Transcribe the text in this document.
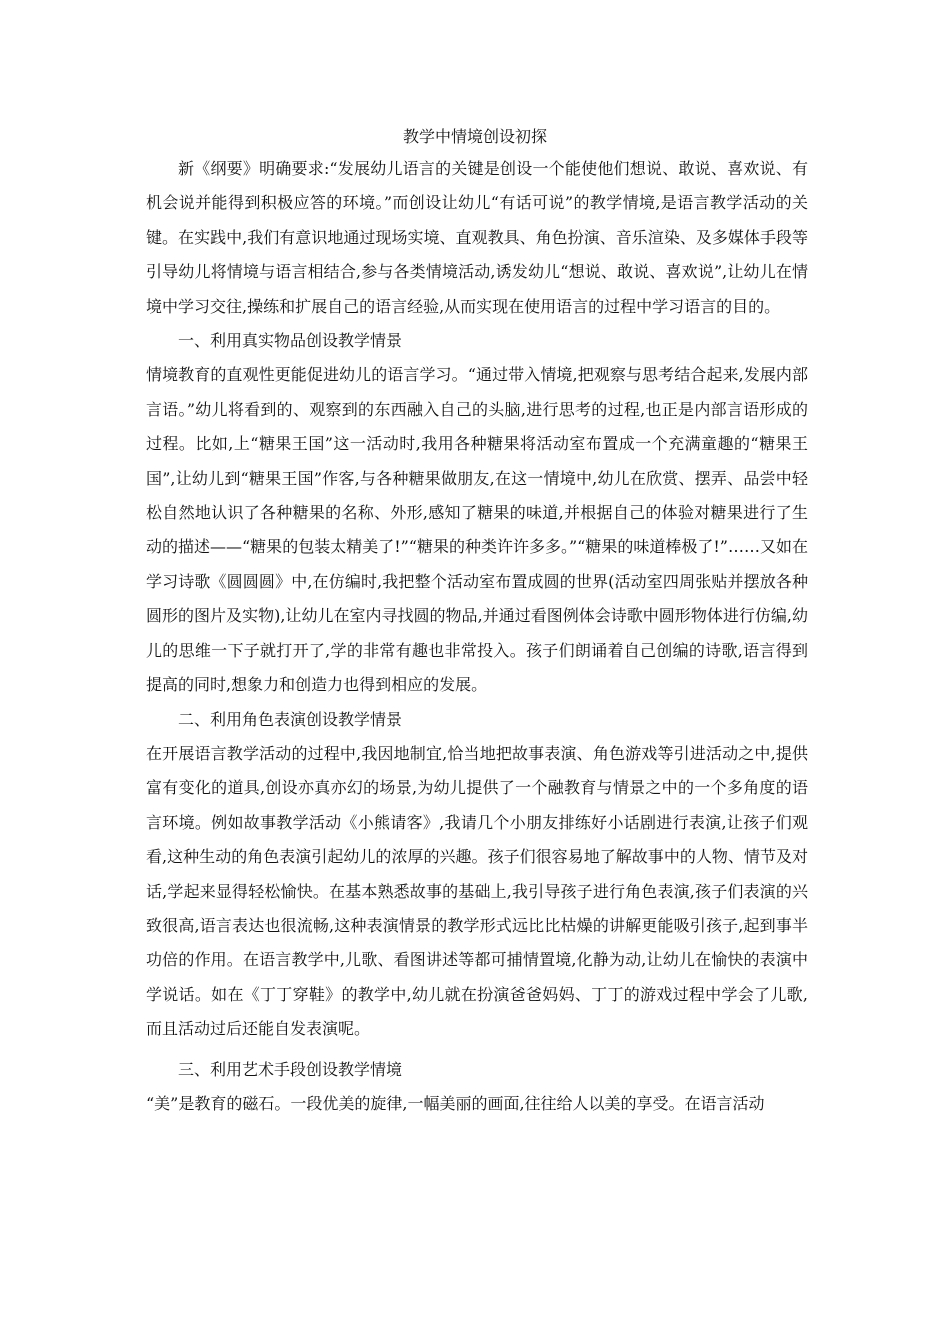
教学中情境创设初探

新《纲要》明确要求:“发展幼儿语言的关键是创设一个能使他们想说、敢说、喜欢说、有机会说并能得到积极应答的环境。”而创设让幼儿“有话可说”的教学情境,是语言教学活动的关键。在实践中,我们有意识地通过现场实境、直观教具、角色扮演、音乐渲染、及多媒体手段等引导幼儿将情境与语言相结合,参与各类情境活动,诱发幼儿“想说、敢说、喜欢说”,让幼儿在情境中学习交往,操练和扩展自己的语言经验,从而实现在使用语言的过程中学习语言的目的。

一、利用真实物品创设教学情景

情境教育的直观性更能促进幼儿的语言学习。“通过带入情境,把观察与思考结合起来,发展内部言语。”幼儿将看到的、观察到的东西融入自己的头脑,进行思考的过程,也正是内部言语形成的过程。比如,上“糖果王国”这一活动时,我用各种糖果将活动室布置成一个充满童趣的“糖果王国”,让幼儿到“糖果王国”作客,与各种糖果做朋友,在这一情境中,幼儿在欣赏、摆弄、品尝中轻松自然地认识了各种糖果的名称、外形,感知了糖果的味道,并根据自己的体验对糖果进行了生动的描述——“糖果的包装太精美了!”“糖果的种类许许多多。”“糖果的味道棒极了!”……又如在学习诗歌《圆圆圆》中,在仿编时,我把整个活动室布置成圆的世界(活动室四周张贴并摆放各种圆形的图片及实物),让幼儿在室内寻找圆的物品,并通过看图例体会诗歌中圆形物体进行仿编,幼儿的思维一下子就打开了,学的非常有趣也非常投入。孩子们朗诵着自己创编的诗歌,语言得到提高的同时,想象力和创造力也得到相应的发展。

二、利用角色表演创设教学情景

在开展语言教学活动的过程中,我因地制宜,恰当地把故事表演、角色游戏等引进活动之中,提供富有变化的道具,创设亦真亦幻的场景,为幼儿提供了一个融教育与情景之中的一个多角度的语言环境。例如故事教学活动《小熊请客》,我请几个小朋友排练好小话剧进行表演,让孩子们观看,这种生动的角色表演引起幼儿的浓厚的兴趣。孩子们很容易地了解故事中的人物、情节及对话,学起来显得轻松愉快。在基本熟悉故事的基础上,我引导孩子进行角色表演,孩子们表演的兴致很高,语言表达也很流畅,这种表演情景的教学形式远比比枯燥的讲解更能吸引孩子,起到事半功倍的作用。在语言教学中,儿歌、看图讲述等都可捕情置境,化静为动,让幼儿在愉快的表演中学说话。如在《丁丁穿鞋》的教学中,幼儿就在扮演爸爸妈妈、丁丁的游戏过程中学会了儿歌,而且活动过后还能自发表演呢。

三、利用艺术手段创设教学情境

“美”是教育的磁石。一段优美的旋律,一幅美丽的画面,往往给人以美的享受。在语言活动
